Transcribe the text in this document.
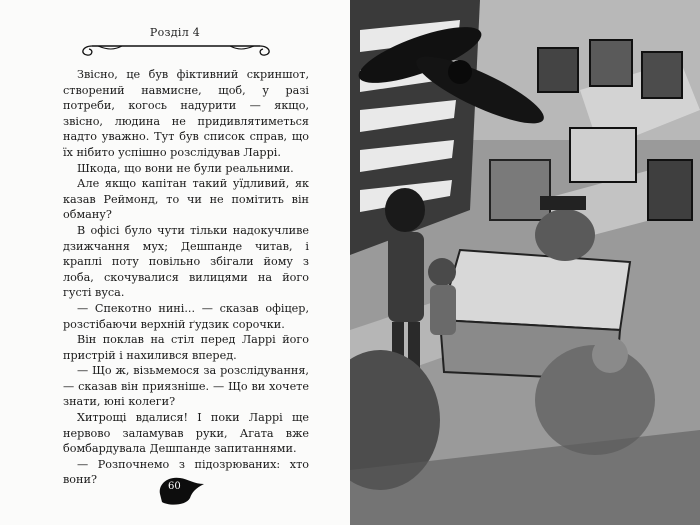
Розділ 4

Звісно, це був фіктивний скриншот, створений навмисне, щоб, у разі потреби, когось надурити — якщо, звісно, людина не придивлятиметься надто уважно. Тут був список справ, що їх нібито успішно розслідував Ларрі.

Шкода, що вони не були реальними.

Але якщо капітан такий уїдливий, як казав Реймонд, то чи не помітить він обману?

В офісі було чути тільки надокучливе дзижчання мух; Дешпанде читав, і краплі поту повільно збігали йому з лоба, скочувалися вилицями на його густі вуса.

— Спекотно нині... — сказав офіцер, розстібаючи верхній ґудзик сорочки.

Він поклав на стіл перед Ларрі його пристрій і нахилився вперед.

— Що ж, візьмемося за розслідування, — сказав він приязніше. — Що ви хочете знати, юні колеги?

Хитрощі вдалися! І поки Ларрі ще нервово заламував руки, Агата вже бомбардувала Дешпанде запитаннями.

— Розпочнемо з підозрюваних: хто вони?

60
